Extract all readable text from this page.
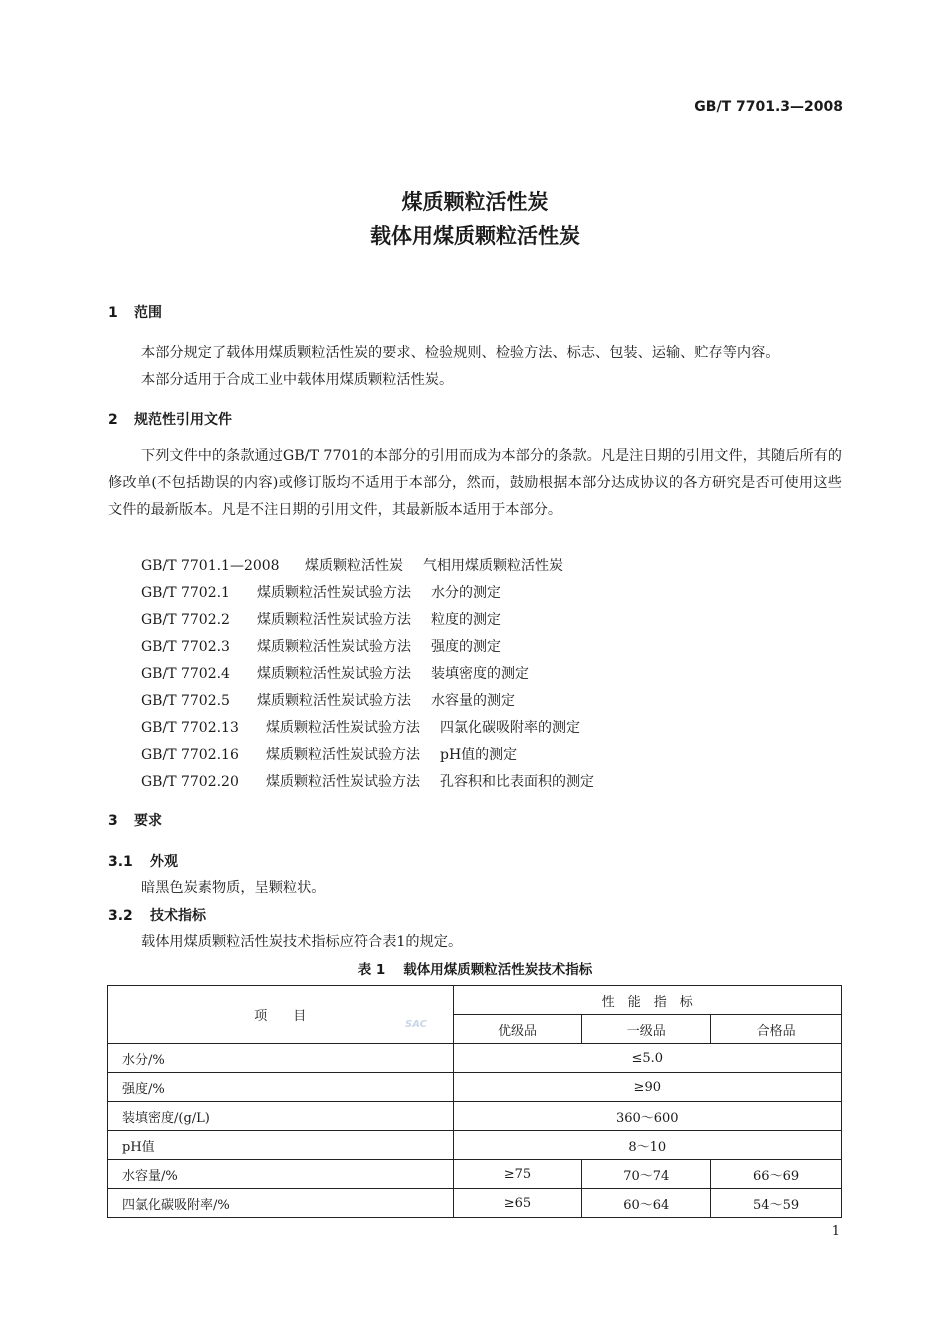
GB/T 7701.3—2008
煤质颗粒活性炭
载体用煤质颗粒活性炭
1 范围
本部分规定了载体用煤质颗粒活性炭的要求、检验规则、检验方法、标志、包装、运输、贮存等内容。
本部分适用于合成工业中载体用煤质颗粒活性炭。
2 规范性引用文件
下列文件中的条款通过GB/T 7701的本部分的引用而成为本部分的条款。凡是注日期的引用文件，其随后所有的修改单(不包括勘误的内容)或修订版均不适用于本部分，然而，鼓励根据本部分达成协议的各方研究是否可使用这些文件的最新版本。凡是不注日期的引用文件，其最新版本适用于本部分。
GB/T 7701.1—2008 煤质颗粒活性炭 气相用煤质颗粒活性炭
GB/T 7702.1 煤质颗粒活性炭试验方法 水分的测定
GB/T 7702.2 煤质颗粒活性炭试验方法 粒度的测定
GB/T 7702.3 煤质颗粒活性炭试验方法 强度的测定
GB/T 7702.4 煤质颗粒活性炭试验方法 装填密度的测定
GB/T 7702.5 煤质颗粒活性炭试验方法 水容量的测定
GB/T 7702.13 煤质颗粒活性炭试验方法 四氯化碳吸附率的测定
GB/T 7702.16 煤质颗粒活性炭试验方法 pH值的测定
GB/T 7702.20 煤质颗粒活性炭试验方法 孔容积和比表面积的测定
3 要求
3.1 外观
暗黑色炭素物质，呈颗粒状。
3.2 技术指标
载体用煤质颗粒活性炭技术指标应符合表1的规定。
表 1 载体用煤质颗粒活性炭技术指标
项　　目	性　能　指　标		
	优级品	一级品	合格品
水分/%	≤5.0		
强度/%	≥90		
装填密度/(g/L)	360～600		
pH值	8～10		
水容量/%	≥75	70～74	66～69
四氯化碳吸附率/%	≥65	60～64	54～59
SAC
1
